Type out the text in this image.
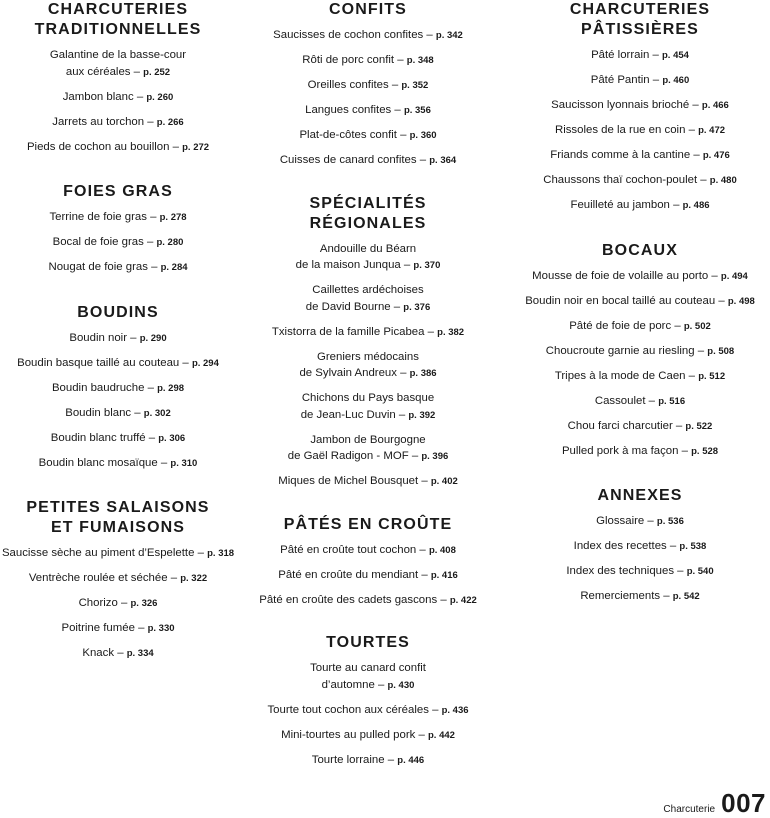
CHARCUTERIES
TRADITIONNELLES
Galantine de la basse-cour
aux céréales – p. 252
Jambon blanc – p. 260
Jarrets au torchon – p. 266
Pieds de cochon au bouillon – p. 272
FOIES GRAS
Terrine de foie gras – p. 278
Bocal de foie gras – p. 280
Nougat de foie gras – p. 284
BOUDINS
Boudin noir – p. 290
Boudin basque taillé au couteau – p. 294
Boudin baudruche – p. 298
Boudin blanc – p. 302
Boudin blanc truffé – p. 306
Boudin blanc mosaïque – p. 310
PETITES SALAISONS
ET FUMAISONS
Saucisse sèche au piment d’Espelette – p. 318
Ventrèche roulée et séchée – p. 322
Chorizo – p. 326
Poitrine fumée – p. 330
Knack – p. 334
CONFITS
Saucisses de cochon confites – p. 342
Rôti de porc confit – p. 348
Oreilles confites – p. 352
Langues confites – p. 356
Plat-de-côtes confit – p. 360
Cuisses de canard confites – p. 364
SPÉCIALITÉS RÉGIONALES
Andouille du Béarn
de la maison Junqua – p. 370
Caillettes ardéchoises
de David Bourne – p. 376
Txistorra de la famille Picabea – p. 382
Greniers médocains
de Sylvain Andreux – p. 386
Chichons du Pays basque
de Jean-Luc Duvin – p. 392
Jambon de Bourgogne
de Gaël Radigon - MOF – p. 396
Miques de Michel Bousquet – p. 402
PÂTÉS EN CROÛTE
Pâté en croûte tout cochon – p. 408
Pâté en croûte du mendiant – p. 416
Pâté en croûte des cadets gascons – p. 422
TOURTES
Tourte au canard confit
d’automne – p. 430
Tourte tout cochon aux céréales – p. 436
Mini-tourtes au pulled pork – p. 442
Tourte lorraine – p. 446
CHARCUTERIES
PÂTISSIÈRES
Pâté lorrain – p. 454
Pâté Pantin – p. 460
Saucisson lyonnais brioché – p. 466
Rissoles de la rue en coin – p. 472
Friands comme à la cantine – p. 476
Chaussons thaï cochon-poulet – p. 480
Feuilleté au jambon – p. 486
BOCAUX
Mousse de foie de volaille au porto – p. 494
Boudin noir en bocal taillé au couteau – p. 498
Pâté de foie de porc – p. 502
Choucroute garnie au riesling – p. 508
Tripes à la mode de Caen – p. 512
Cassoulet – p. 516
Chou farci charcutier – p. 522
Pulled pork à ma façon – p. 528
ANNEXES
Glossaire – p. 536
Index des recettes – p. 538
Index des techniques – p. 540
Remerciements – p. 542
Charcuterie 007
